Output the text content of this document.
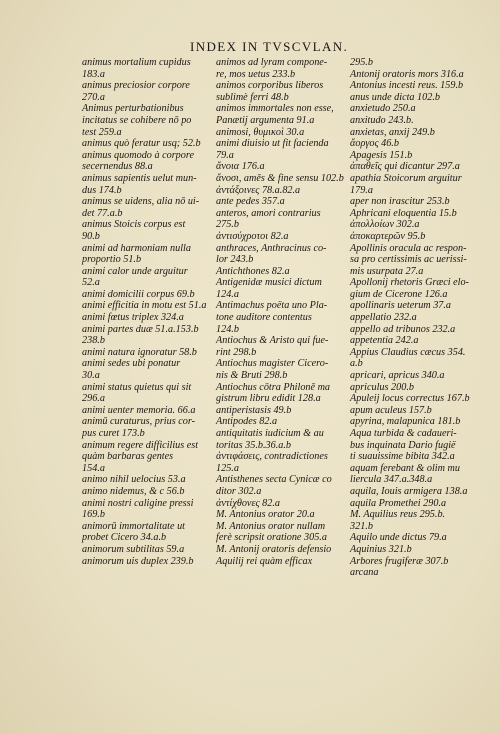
INDEX IN TVSCVLAN.
animus mortalium cupidus
183.a
animus preciosior corpore
270.a
Animus perturbationibus
incitatus se cohibere nō po
test 259.a
animus quò feratur usq; 52.b
animus quomodo à corpore
secernendus 88.a
animus sapientis uelut mun-
dus 174.b
animus se uidens, alia nō ui-
det 77.a.b
animus Stoicis corpus est
90.b
animi ad harmoniam nulla
proportio 51.b
animi calor unde arguitur
52.a
animi domicilii corpus 69.b
animi efficitia in motu est 51.a
animi fœtus triplex 324.a
animi partes duæ 51.a.153.b
238.b
animi natura ignoratur 58.b
animi sedes ubi ponatur
30.a
animi status quietus qui sit
296.a
animi uenter memoria. 66.a
animū curaturus, prius cor-
pus curet 173.b
animum regere difficilius est
quàm barbaras gentes
154.a
animo nihil uelocius 53.a
animo nidemus, & c 56.b
animi nostri caligine pressi
169.b
animorū immortalitate ut
probet Cicero 34.a.b
animorum subtilitas 59.a
animorum uis duplex 239.b
animos ad lyram compone-
re, mos uetus 233.b
animos corporibus liberos
sublimè ferri 48.b
animos immortales non esse,
Panætij argumenta 91.a
animosi, θυμικοὶ 30.a
animi diuisio ut fit facienda
79.a
ἄνοια 176.a
ἄνοσι, amēs & fine sensu 102.b
ἀντάξοινες 78.a.82.a
ante pedes 357.a
anteros, amori contrarius
275.b
ἀντισύχροτοι 82.a
anthraces, Anthracinus co-
lor 243.b
Antichthones 82.a
Antigenidæ musici dictum
124.a
Antimachus poëta uno Pla-
tone auditore contentus
124.b
Antiochus & Aristo qui fue-
rint 298.b
Antiochus magister Cicero-
nis & Bruti 298.b
Antiochus cōtra Philonē ma
gistrum libru edidit 128.a
antiperistasis 49.b
Antipodes 82.a
antiquitatis iudicium & au
toritas 35.b.36.a.b
ἀντιφάσεις, contradictiones
125.a
Antisthenes secta Cynicæ co
ditor 302.a
ἀντίχθονες 82.a
M. Antonius orator 20.a
M. Antonius orator nullam
ferè scripsit oratione 305.a
M. Antonij oratoris defensio
Aquilij rei quàm efficax
295.b
Antonij oratoris mors 316.a
Antonius incesti reus. 159.b
anus unde dicta 102.b
anxietudo 250.a
anxitudo 243.b.
anxietas, anxij 249.b
ἄοργος 46.b
Apagesis 151.b
ἀπαθεῖς qui dicantur 297.a
apathia Stoicorum arguitur
179.a
aper non irascitur 253.b
Aphricani eloquentia 15.b
ἀπολλοίων 302.a
ἀποκαρτερῶν 95.b
Apollinis oracula ac respon-
sa pro certissimis ac uerissi-
mis usurpata 27.a
Apollonij rhetoris Græci elo-
gium de Cicerone 126.a
apollinaris ueterum 37.a
appellatio 232.a
appello ad tribunos 232.a
appetentia 242.a
Appius Claudius cæcus 354.
a.b
apricari, apricus 340.a
apriculus 200.b
Apuleij locus correctus 167.b
apum aculeus 157.b
apyrina, malapunica 181.b
Aqua turbida & cadaueri-
bus inquinata Dario fugië
ti suauissime bibita 342.a
aquam ferebant & olim mu
liercula 347.a.348.a
aquila, Iouis armigera 138.a
aquila Promethei 290.a
M. Aquilius reus 295.b.
321.b
Aquilo unde dictus 79.a
Aquinius 321.b
Arbores frugiferæ 307.b
arcana
